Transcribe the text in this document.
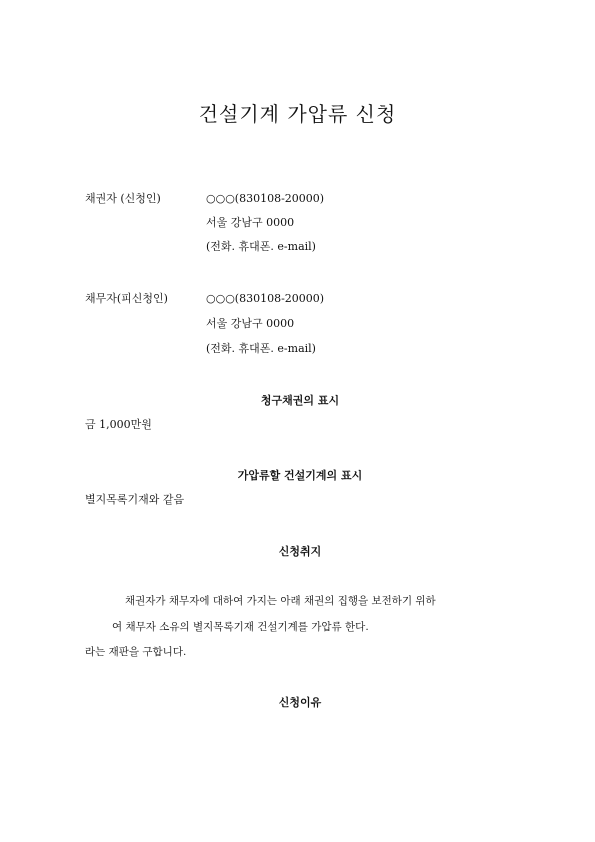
건설기계 가압류 신청
채권자 (신청인)	○○○(830108-20000)
서울 강남구 0000
(전화. 휴대폰. e-mail)
채무자(피신청인)	○○○(830108-20000)
서울 강남구 0000
(전화. 휴대폰. e-mail)
청구채권의 표시
금 1,000만원
가압류할 건설기계의 표시
별지목록기재와 같음
신청취지
채권자가 채무자에 대하여 가지는 아래 채권의 집행을 보전하기 위하
여 채무자 소유의 별지목록기재 건설기계를 가압류 한다.
라는 재판을 구합니다.
신청이유
